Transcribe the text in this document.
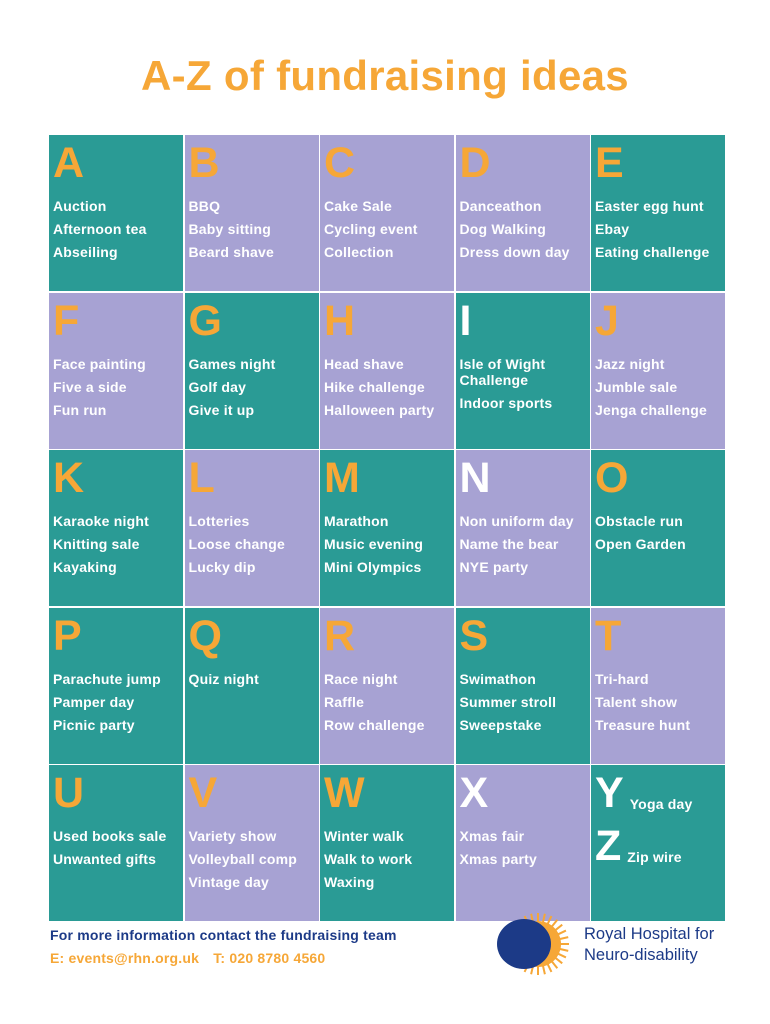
A-Z of fundraising ideas
A
Auction
Afternoon tea
Abseiling
B
BBQ
Baby sitting
Beard shave
C
Cake Sale
Cycling event
Collection
D
Danceathon
Dog Walking
Dress down day
E
Easter egg hunt
Ebay
Eating challenge
F
Face painting
Five a side
Fun run
G
Games night
Golf day
Give it up
H
Head shave
Hike challenge
Halloween party
I
Isle of Wight Challenge
Indoor sports
J
Jazz night
Jumble sale
Jenga challenge
K
Karaoke night
Knitting sale
Kayaking
L
Lotteries
Loose change
Lucky dip
M
Marathon
Music evening
Mini Olympics
N
Non uniform day
Name the bear
NYE party
O
Obstacle run
Open Garden
P
Parachute jump
Pamper day
Picnic party
Q
Quiz night
R
Race night
Raffle
Row challenge
S
Swimathon
Summer stroll
Sweepstake
T
Tri-hard
Talent show
Treasure hunt
U
Used books sale
Unwanted gifts
V
Variety show
Volleyball comp
Vintage day
W
Winter walk
Walk to work
Waxing
X
Xmas fair
Xmas party
Y Yoga day
Z Zip wire
For more information contact the fundraising team
E: events@rhn.org.uk T: 020 8780 4560
Royal Hospital for
Neuro-disability
